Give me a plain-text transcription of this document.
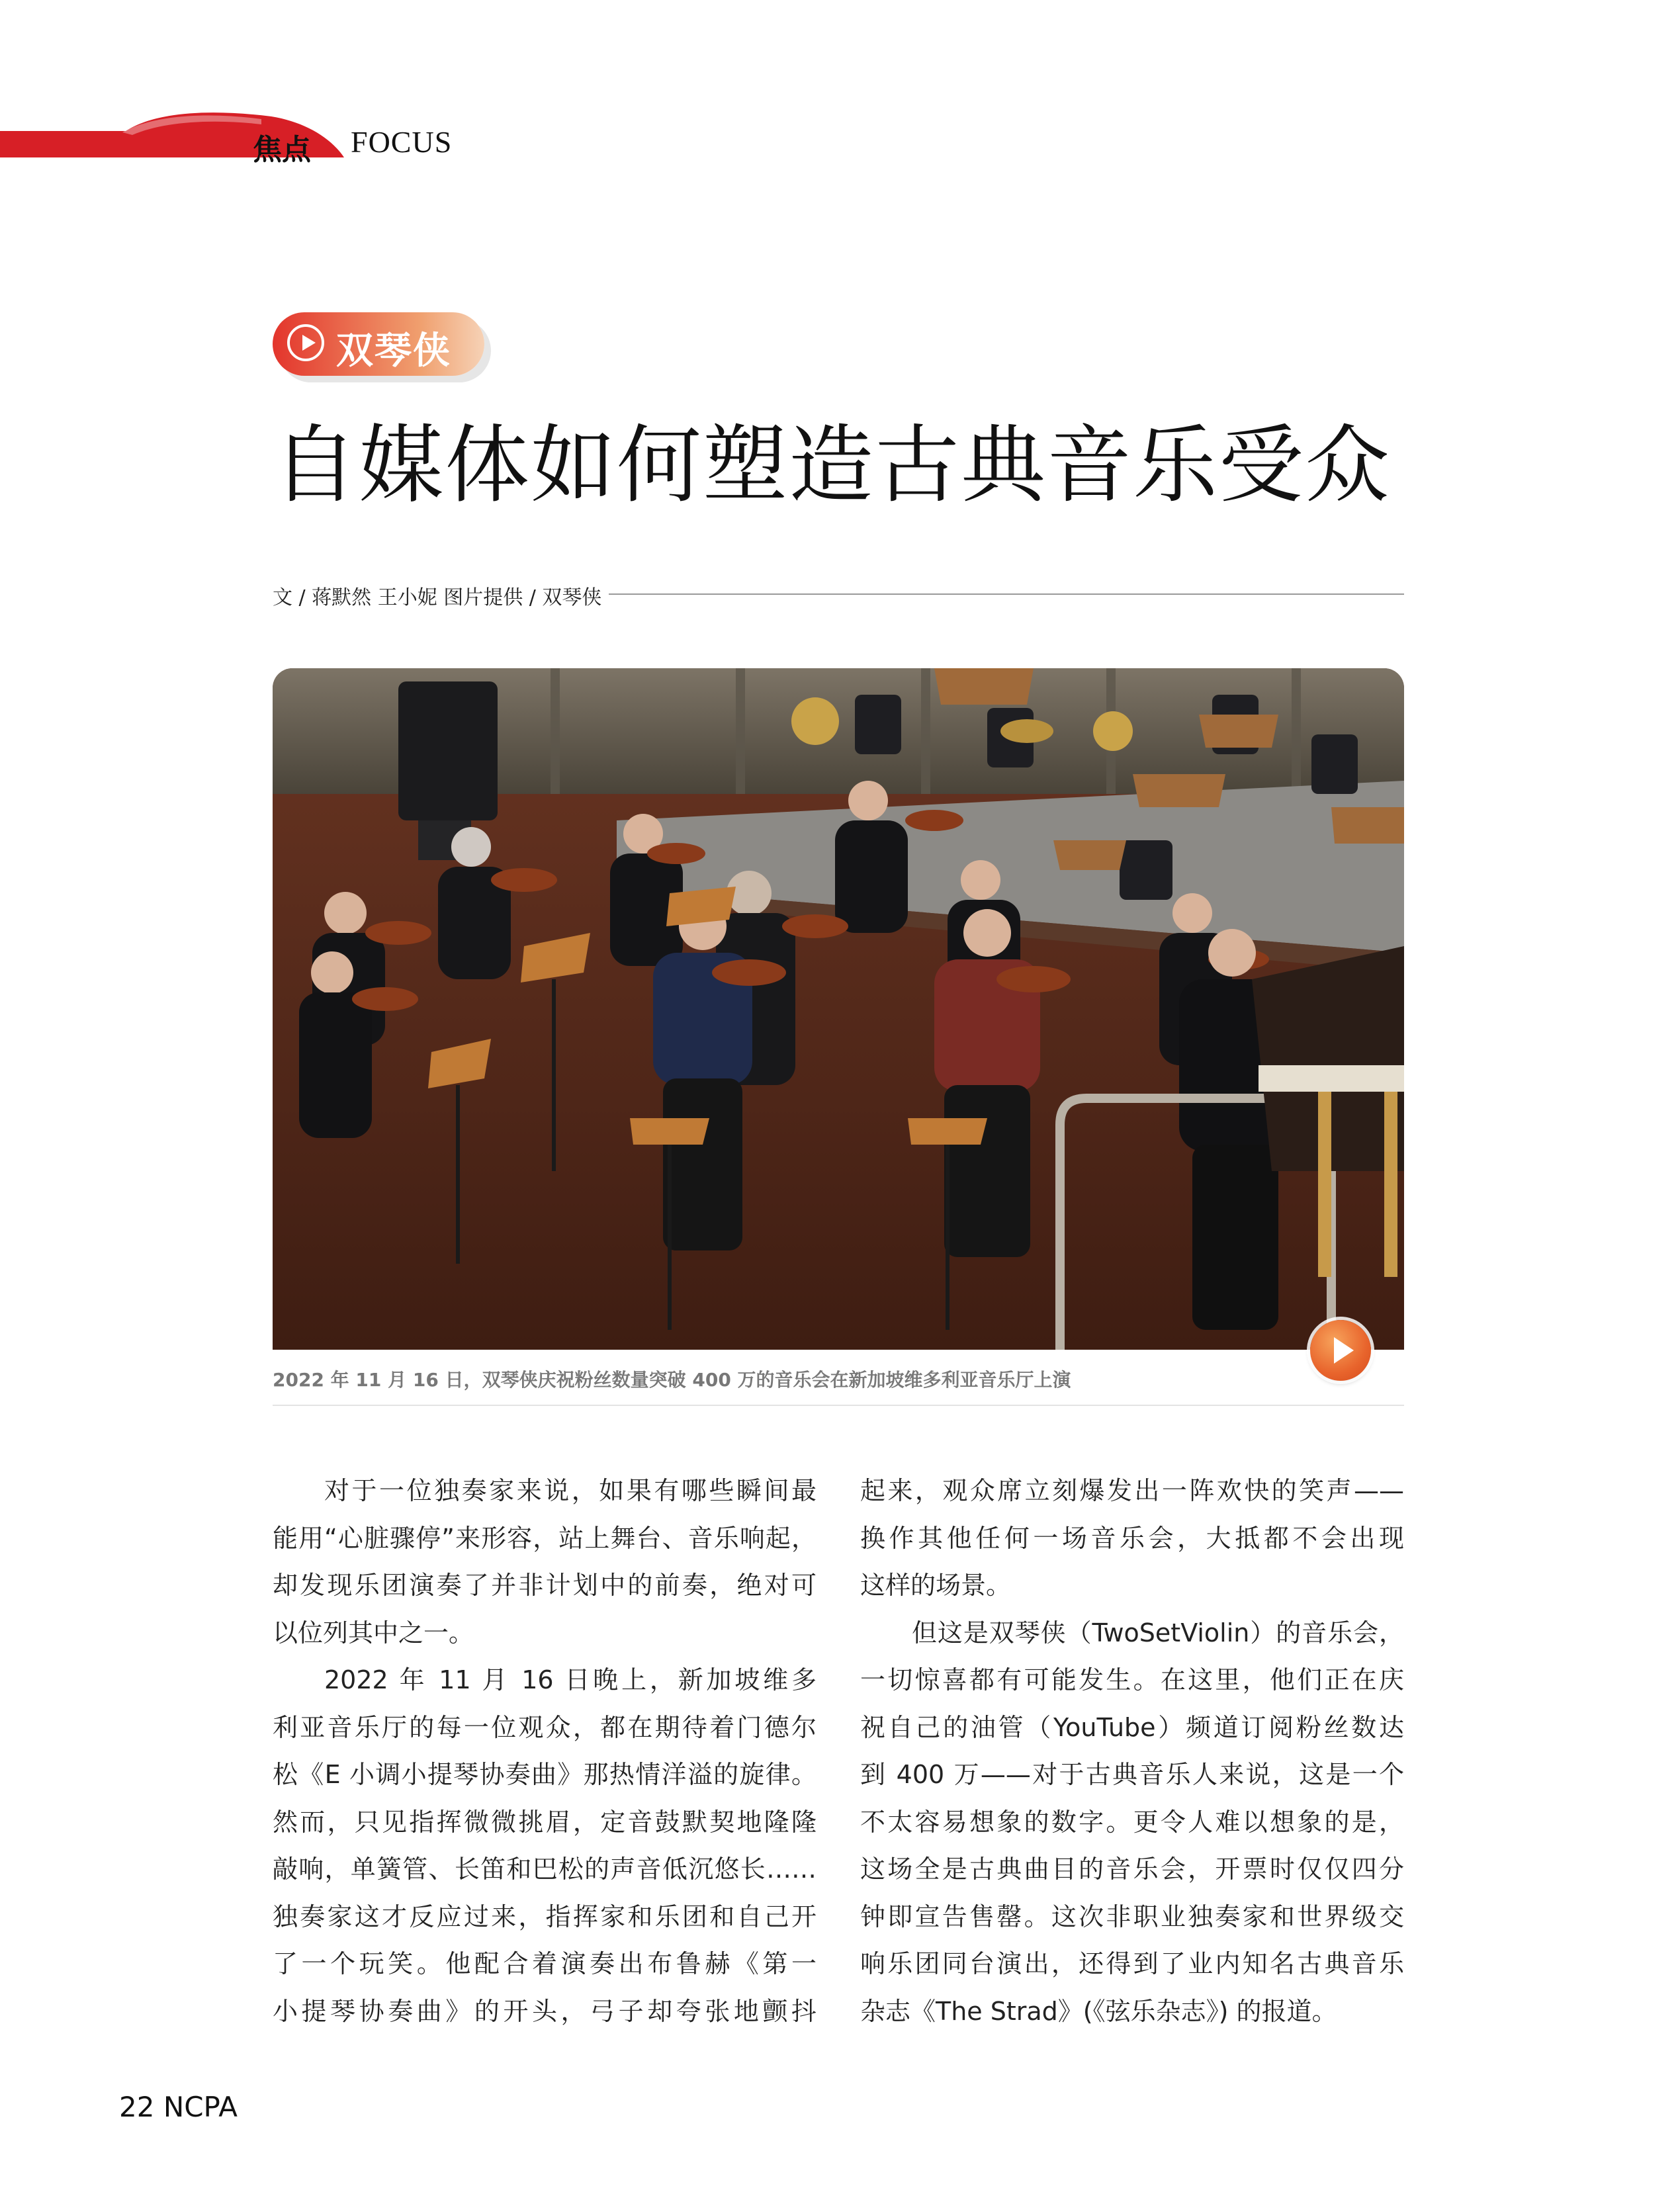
焦点 FOCUS
双琴侠
自媒体如何塑造古典音乐受众
文 / 蒋默然 王小妮 图片提供 / 双琴侠
2022 年 11 月 16 日，双琴侠庆祝粉丝数量突破 400 万的音乐会在新加坡维多利亚音乐厅上演

对于一位独奏家来说，如果有哪些瞬间最

能用“心脏骤停”来形容，站上舞台、音乐响起，

却发现乐团演奏了并非计划中的前奏，绝对可

以位列其中之一。

2022 年 11 月 16 日晚上，新加坡维多

利亚音乐厅的每一位观众，都在期待着门德尔

松《E 小调小提琴协奏曲》那热情洋溢的旋律。

然而，只见指挥微微挑眉，定音鼓默契地隆隆

敲响，单簧管、长笛和巴松的声音低沉悠长……

独奏家这才反应过来，指挥家和乐团和自己开

了一个玩笑。他配合着演奏出布鲁赫《第一

小提琴协奏曲》的开头，弓子却夸张地颤抖

起来，观众席立刻爆发出一阵欢快的笑声——

换作其他任何一场音乐会，大抵都不会出现

这样的场景。

但这是双琴侠（TwoSetViolin）的音乐会，

一切惊喜都有可能发生。在这里，他们正在庆

祝自己的油管（YouTube）频道订阅粉丝数达

到 400 万——对于古典音乐人来说，这是一个

不太容易想象的数字。更令人难以想象的是，

这场全是古典曲目的音乐会，开票时仅仅四分

钟即宣告售罄。这次非职业独奏家和世界级交

响乐团同台演出，还得到了业内知名古典音乐

杂志《The Strad》(《弦乐杂志》) 的报道。

22 NCPA
